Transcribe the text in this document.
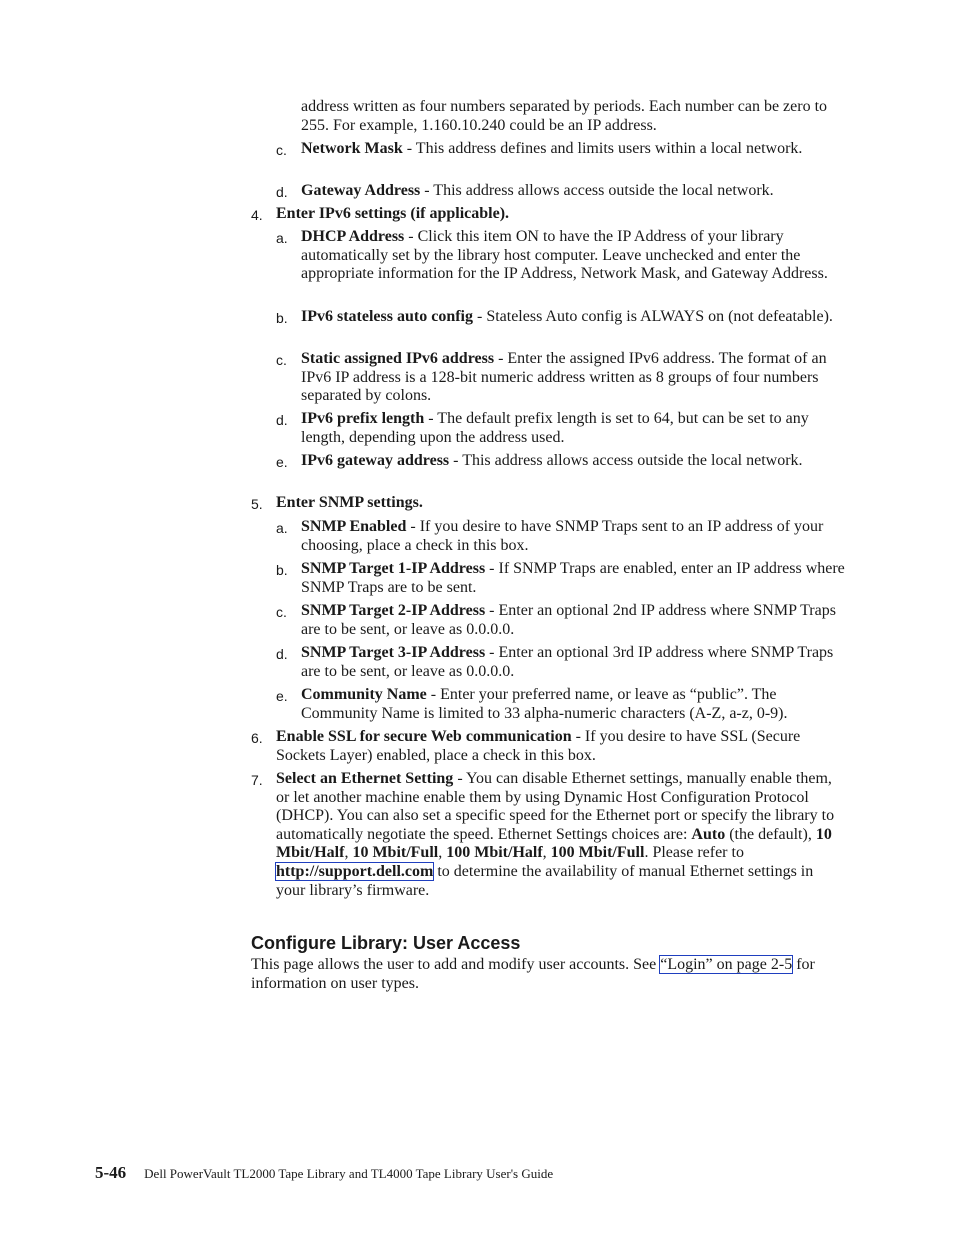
address written as four numbers separated by periods. Each number can be zero to 255. For example, 1.160.10.240 could be an IP address.
c. Network Mask - This address defines and limits users within a local network.
d. Gateway Address - This address allows access outside the local network.
4. Enter IPv6 settings (if applicable).
a. DHCP Address - Click this item ON to have the IP Address of your library automatically set by the library host computer. Leave unchecked and enter the appropriate information for the IP Address, Network Mask, and Gateway Address.
b. IPv6 stateless auto config - Stateless Auto config is ALWAYS on (not defeatable).
c. Static assigned IPv6 address - Enter the assigned IPv6 address. The format of an IPv6 IP address is a 128-bit numeric address written as 8 groups of four numbers separated by colons.
d. IPv6 prefix length - The default prefix length is set to 64, but can be set to any length, depending upon the address used.
e. IPv6 gateway address - This address allows access outside the local network.
5. Enter SNMP settings.
a. SNMP Enabled - If you desire to have SNMP Traps sent to an IP address of your choosing, place a check in this box.
b. SNMP Target 1-IP Address - If SNMP Traps are enabled, enter an IP address where SNMP Traps are to be sent.
c. SNMP Target 2-IP Address - Enter an optional 2nd IP address where SNMP Traps are to be sent, or leave as 0.0.0.0.
d. SNMP Target 3-IP Address - Enter an optional 3rd IP address where SNMP Traps are to be sent, or leave as 0.0.0.0.
e. Community Name - Enter your preferred name, or leave as “public”. The Community Name is limited to 33 alpha-numeric characters (A-Z, a-z, 0-9).
6. Enable SSL for secure Web communication - If you desire to have SSL (Secure Sockets Layer) enabled, place a check in this box.
7. Select an Ethernet Setting - You can disable Ethernet settings, manually enable them, or let another machine enable them by using Dynamic Host Configuration Protocol (DHCP). You can also set a specific speed for the Ethernet port or specify the library to automatically negotiate the speed. Ethernet Settings choices are: Auto (the default), 10 Mbit/Half, 10 Mbit/Full, 100 Mbit/Half, 100 Mbit/Full. Please refer to http://support.dell.com to determine the availability of manual Ethernet settings in your library’s firmware.
Configure Library: User Access
This page allows the user to add and modify user accounts. See “Login” on page 2-5 for information on user types.
5-46 Dell PowerVault TL2000 Tape Library and TL4000 Tape Library User's Guide
